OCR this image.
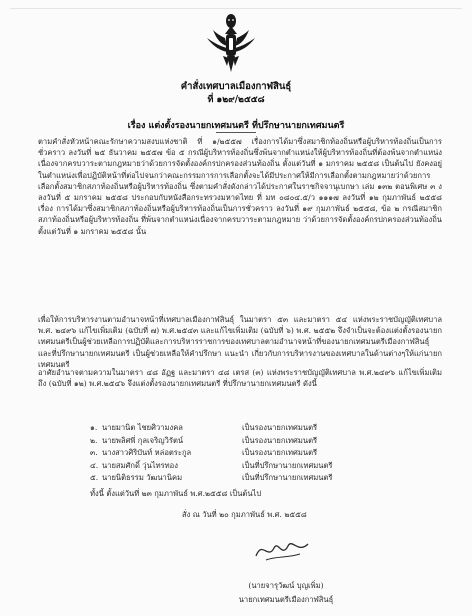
คำสั่งเทศบาลเมืองกาฬสินธุ์
ที่ ๑๒๙/๒๕๕๘
เรื่อง แต่งตั้งรองนายกเทศมนตรี ที่ปรึกษานายกเทศมนตรี
ตามคำสั่งหัวหน้าคณะรักษาความสงบแห่งชาติ ที่ ๑/๒๕๕๗ เรื่องการได้มาซึ่งสมาชิกท้องถิ่นหรือผู้บริหารท้องถิ่นเป็นการชั่วคราว ลงวันที่ ๒๕ ธันวาคม ๒๕๕๗ ข้อ ๕ กรณีผู้บริหารท้องถิ่นซึ่งพ้นจากตำแหน่งให้ผู้บริหารท้องถิ่นที่ต้องพ้นจากตำแหน่ง เนื่องจากครบวาระตามกฎหมายว่าด้วยการจัดตั้งองค์กรปกครองส่วนท้องถิ่น ตั้งแต่วันที่ ๑ มกราคม ๒๕๕๘ เป็นต้นไป ยังคงอยู่ในตำแหน่งเพื่อปฏิบัติหน้าที่ต่อไปจนกว่าคณะกรรมการการเลือกตั้งจะได้มีประกาศให้มีการเลือกตั้งตามกฎหมายว่าด้วยการเลือกตั้งสมาชิกสภาท้องถิ่นหรือผู้บริหารท้องถิ่น ซึ่งตามคำสั่งดังกล่าวได้ประกาศในราชกิจจานุเบกษา เล่ม ๑๓๒ ตอนพิเศษ ๓ ง ลงวันที่ ๕ มกราคม ๒๕๕๘ ประกอบกับหนังสือกระทรวงมหาดไทย ที่ มท ๐๘๐๔.๕/ว ๑๑๑๗ ลงวันที่ ๑๒ กุมภาพันธ์ ๒๕๕๘ เรื่อง การได้มาซึ่งสมาชิกสภาท้องถิ่นหรือผู้บริหารท้องถิ่นเป็นการชั่วคราว ลงวันที่ ๑๙ กุมภาพันธ์ ๒๕๕๘, ข้อ ๒ กรณีสมาชิกสภาท้องถิ่นหรือผู้บริหารท้องถิ่น ที่พ้นจากตำแหน่งเนื่องจากครบวาระตามกฎหมาย ว่าด้วยการจัดตั้งองค์กรปกครองส่วนท้องถิ่น ตั้งแต่วันที่ ๑ มกราคม ๒๕๕๘ นั้น
เพื่อให้การบริหารงานตามอำนาจหน้าที่เทศบาลเมืองกาฬสินธุ์ ในมาตรา ๕๓ และมาตรา ๕๔ แห่งพระราชบัญญัติเทศบาล พ.ศ. ๒๔๙๖ แก้ไขเพิ่มเติม (ฉบับที่ ๗) พ.ศ.๒๕๔๓ และแก้ไขเพิ่มเติม (ฉบับที่ ๖) พ.ศ. ๒๕๕๒ จึงจำเป็นจะต้องแต่งตั้งรองนายกเทศมนตรีเป็นผู้ช่วยเหลือการปฏิบัติและการบริหารราชการของเทศบาลตามอำนาจหน้าที่ของนายกเทศมนตรีเมืองกาฬสินธุ์ และที่ปรึกษานายกเทศมนตรี เป็นผู้ช่วยเหลือให้คำปรึกษา แนะนำ เกี่ยวกับการบริหารงานของเทศบาลในด้านต่างๆให้แก่นายกเทศมนตรี
อาศัยอำนาจตามความในมาตรา ๔๘ อัฏฐ และมาตรา ๔๘ เตรส (๓) แห่งพระราชบัญญัติเทศบาล พ.ศ.๒๔๙๖ แก้ไขเพิ่มเติมถึง (ฉบับที่ ๑๒) พ.ศ.๒๕๔๖ จึงแต่งตั้งรองนายกเทศมนตรี ที่ปรึกษานายกเทศมนตรี ดังนี้
๑. นายมานิต ไชยศิวามงคล	เป็นรองนายกเทศมนตรี
๒. นายพลิศพี่ กุลเจริญวิรัตน์	เป็นรองนายกเทศมนตรี
๓. นางสาวศิริบันท์ หล่อตระกูล	เป็นรองนายกเทศมนตรี
๔. นายสมศักดิ์ วุ่นไทรทอง	เป็นที่ปรึกษานายกเทศมนตรี
๕. นายนิติธรรม วัฒนานิคม	เป็นที่ปรึกษานายกเทศมนตรี
ทั้งนี้ ตั้งแต่วันที่ ๒๓ กุมภาพันธ์ พ.ศ.๒๕๕๘ เป็นต้นไป
สั่ง ณ วันที่ ๒๐ กุมภาพันธ์ พ.ศ. ๒๕๕๘
(นายจารุวัฒน์ บุญเพิ่ม)
นายกเทศมนตรีเมืองกาฬสินธุ์
